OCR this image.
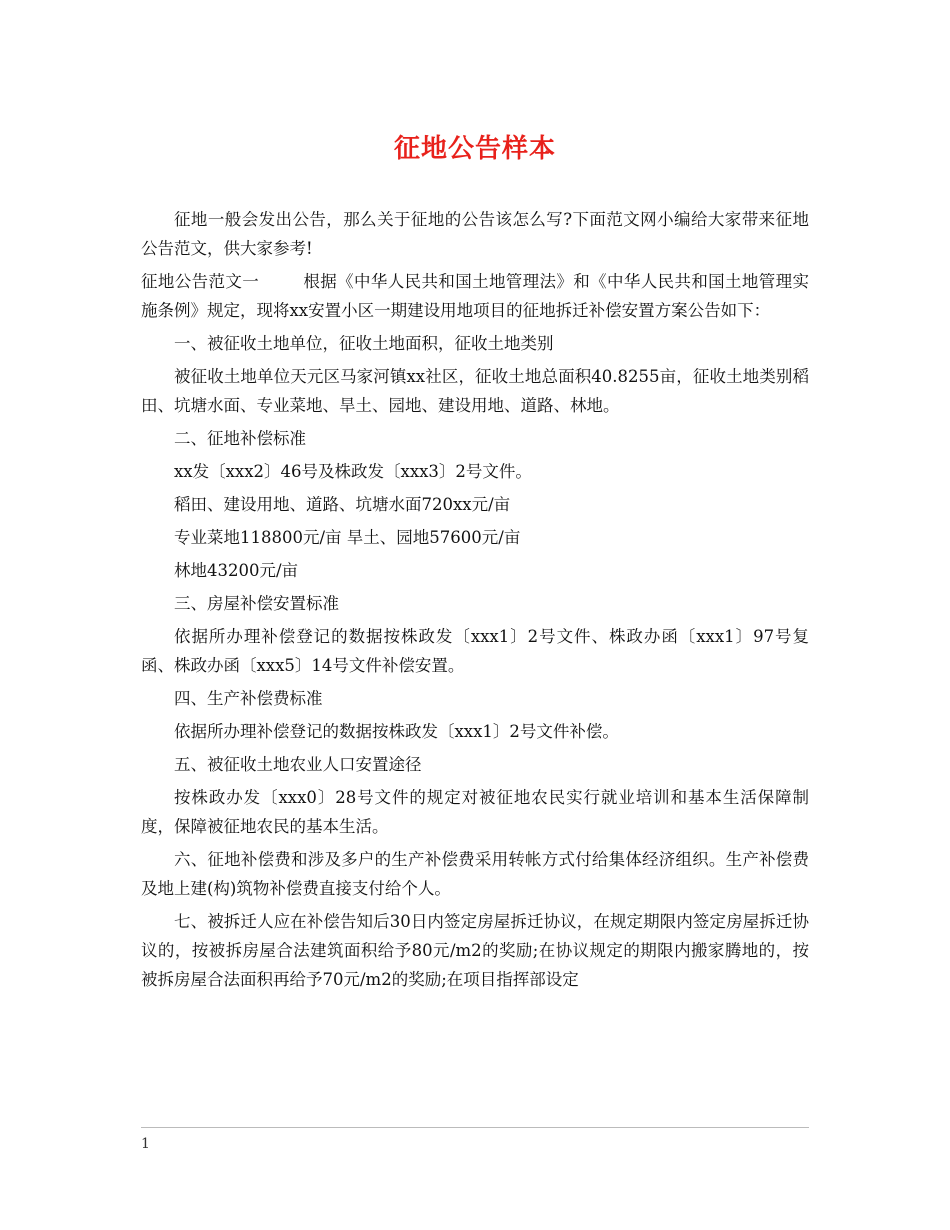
征地公告样本

征地一般会发出公告，那么关于征地的公告该怎么写?下面范文网小编给大家带来征地公告范文，供大家参考!

征地公告范文一	根据《中华人民共和国土地管理法》和《中华人民共和国土地管理实施条例》规定，现将xx安置小区一期建设用地项目的征地拆迁补偿安置方案公告如下：

一、被征收土地单位，征收土地面积，征收土地类别

被征收土地单位天元区马家河镇xx社区，征收土地总面积40.8255亩，征收土地类别稻田、坑塘水面、专业菜地、旱土、园地、建设用地、道路、林地。

二、征地补偿标准

xx发〔xxx2〕46号及株政发〔xxx3〕2号文件。

稻田、建设用地、道路、坑塘水面720xx元/亩

专业菜地118800元/亩 旱土、园地57600元/亩

林地43200元/亩

三、房屋补偿安置标准

依据所办理补偿登记的数据按株政发〔xxx1〕2号文件、株政办函〔xxx1〕97号复函、株政办函〔xxx5〕14号文件补偿安置。

四、生产补偿费标准

依据所办理补偿登记的数据按株政发〔xxx1〕2号文件补偿。

五、被征收土地农业人口安置途径

按株政办发〔xxx0〕28号文件的规定对被征地农民实行就业培训和基本生活保障制度，保障被征地农民的基本生活。

六、征地补偿费和涉及多户的生产补偿费采用转帐方式付给集体经济组织。生产补偿费及地上建(构)筑物补偿费直接支付给个人。

七、被拆迁人应在补偿告知后30日内签定房屋拆迁协议，在规定期限内签定房屋拆迁协议的，按被拆房屋合法建筑面积给予80元/m2的奖励;在协议规定的期限内搬家腾地的，按被拆房屋合法面积再给予70元/m2的奖励;在项目指挥部设定

1
